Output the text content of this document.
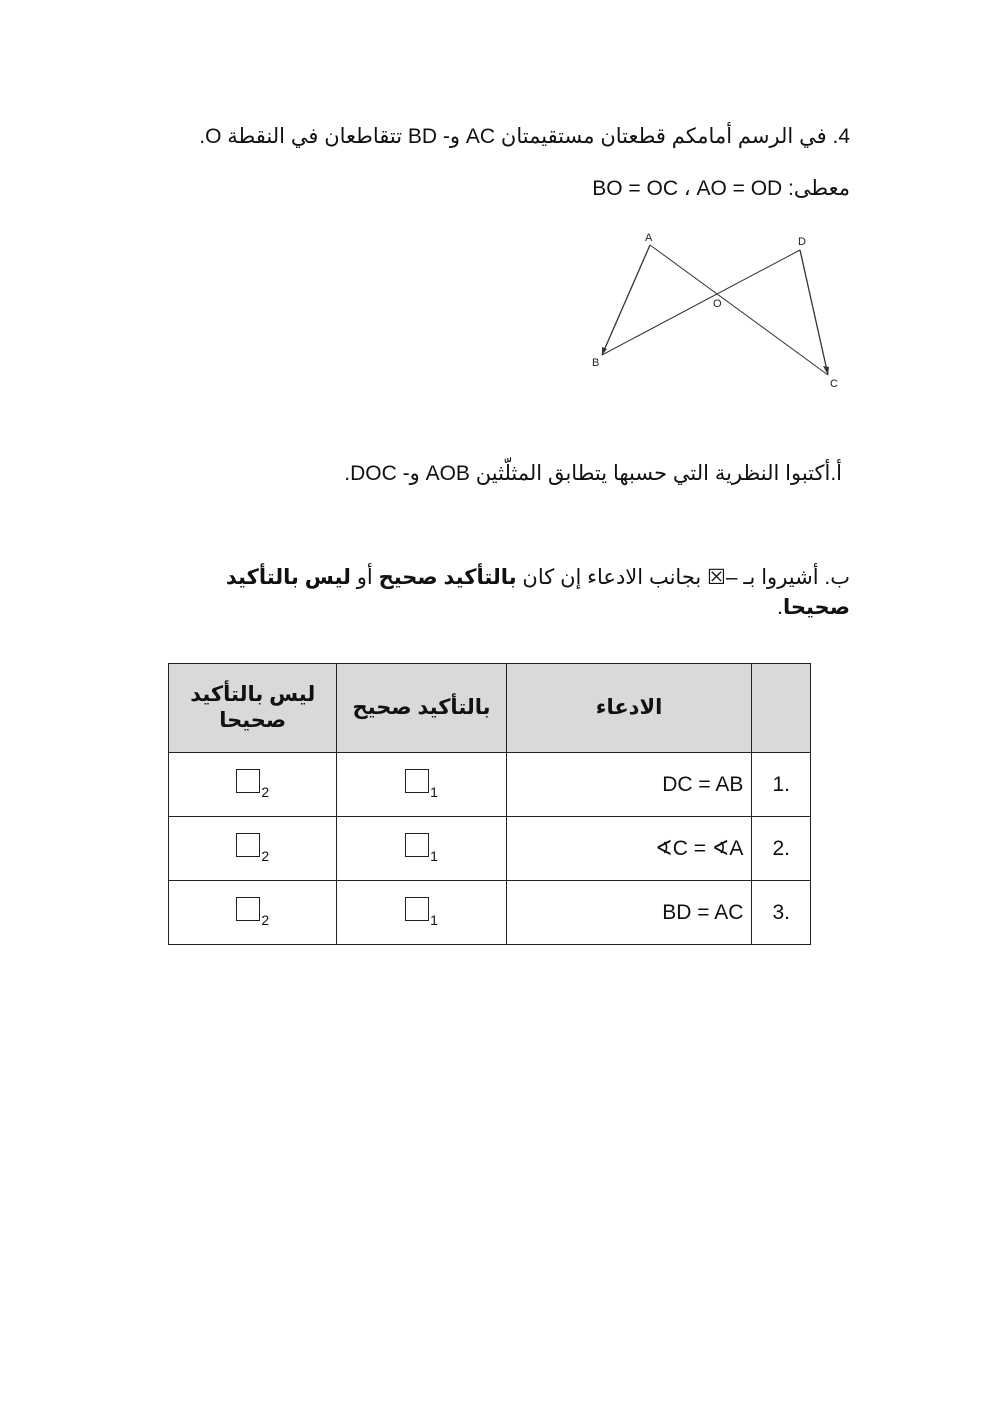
4. في الرسم أمامكم قطعتان مستقيمتان AC و- BD تتقاطعان في النقطة O.
معطى: BO = OC ، AO = OD
A
B
C
D
O
أ.أكتبوا النظرية التي حسبها يتطابق المثلّثين AOB و- DOC.
ب. أشيروا بـ –☒ بجانب الادعاء إن كان بالتأكيد صحيح أو ليس بالتأكيد صحيحا.
	الادعاء	بالتأكيد صحيح	ليس بالتأكيد صحيحا
1.	DC = AB	$_1$	$_2$
2.	∢C = ∢A	$_1$	$_2$
3.	BD = AC	$_1$	$_2$
